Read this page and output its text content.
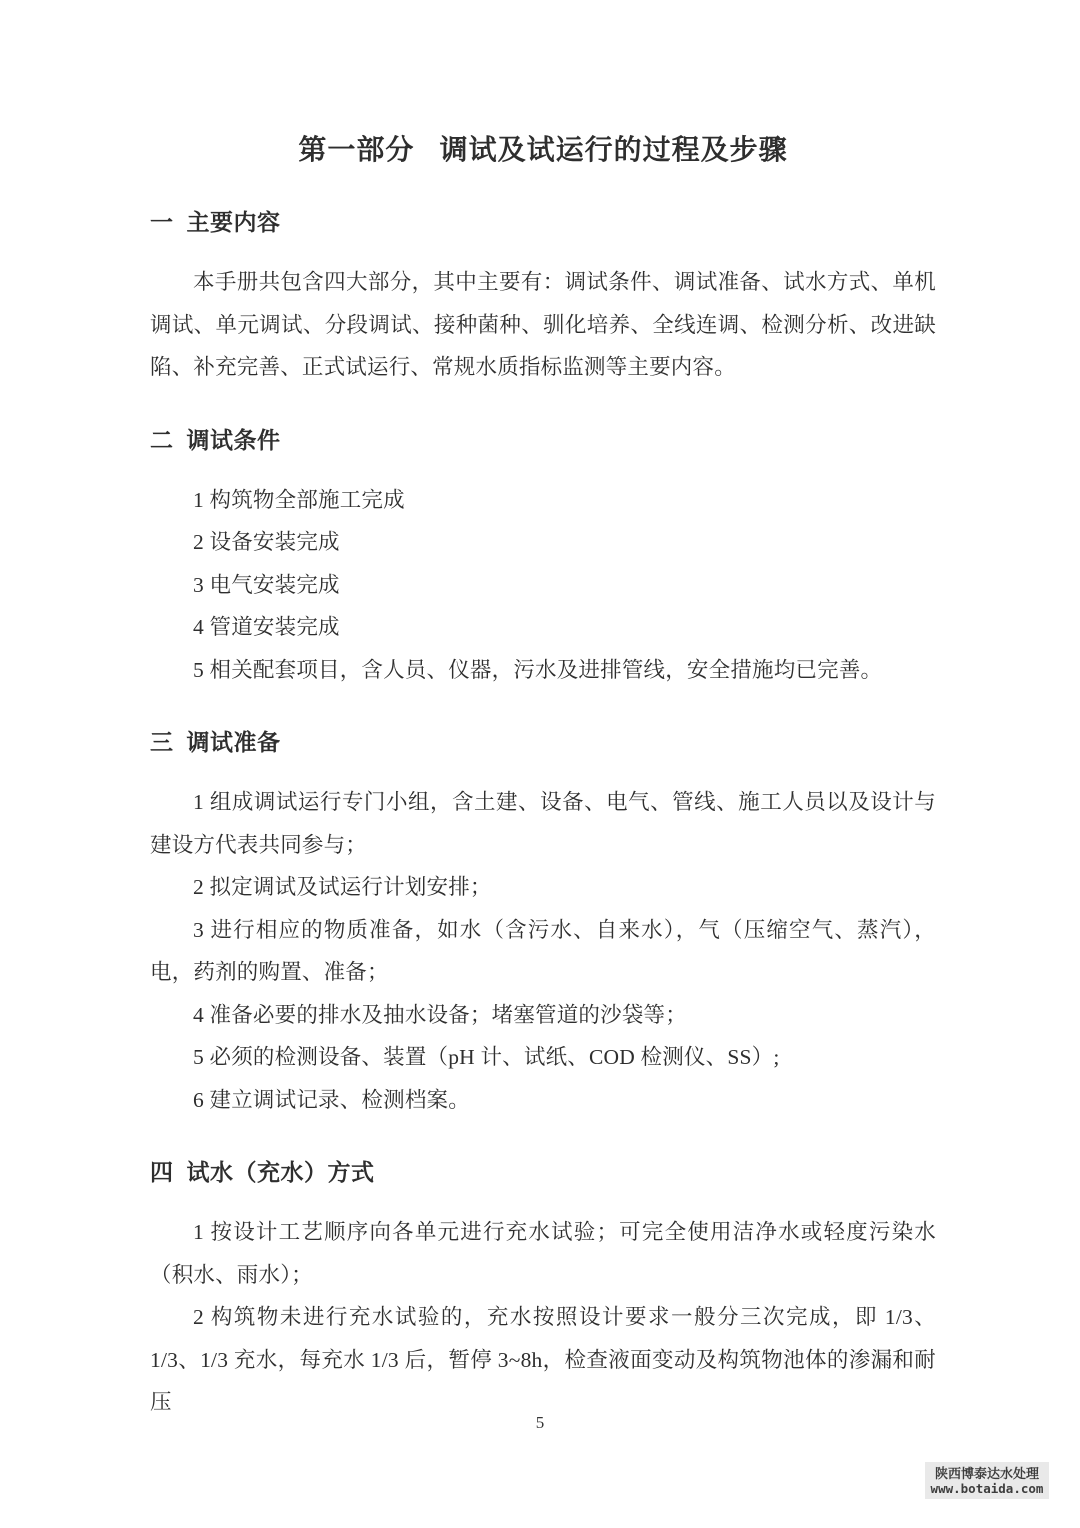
第一部分 调试及试运行的过程及步骤
一 主要内容

本手册共包含四大部分，其中主要有：调试条件、调试准备、试水方式、单机调试、单元调试、分段调试、接种菌种、驯化培养、全线连调、检测分析、改进缺陷、补充完善、正式试运行、常规水质指标监测等主要内容。

二 调试条件

1 构筑物全部施工完成

2 设备安装完成

3 电气安装完成

4 管道安装完成

5 相关配套项目，含人员、仪器，污水及进排管线，安全措施均已完善。

三 调试准备

1 组成调试运行专门小组，含土建、设备、电气、管线、施工人员以及设计与建设方代表共同参与；

2 拟定调试及试运行计划安排；

3 进行相应的物质准备，如水（含污水、自来水），气（压缩空气、蒸汽），电，药剂的购置、准备；

4 准备必要的排水及抽水设备；堵塞管道的沙袋等；

5 必须的检测设备、装置（pH 计、试纸、COD 检测仪、SS）;

6 建立调试记录、检测档案。

四 试水（充水）方式

1 按设计工艺顺序向各单元进行充水试验；可完全使用洁净水或轻度污染水（积水、雨水）；

2 构筑物未进行充水试验的，充水按照设计要求一般分三次完成，即 1/3、1/3、1/3 充水，每充水 1/3 后，暂停 3~8h，检查液面变动及构筑物池体的渗漏和耐压

5
陕西博泰达水处理
www.botaida.com
